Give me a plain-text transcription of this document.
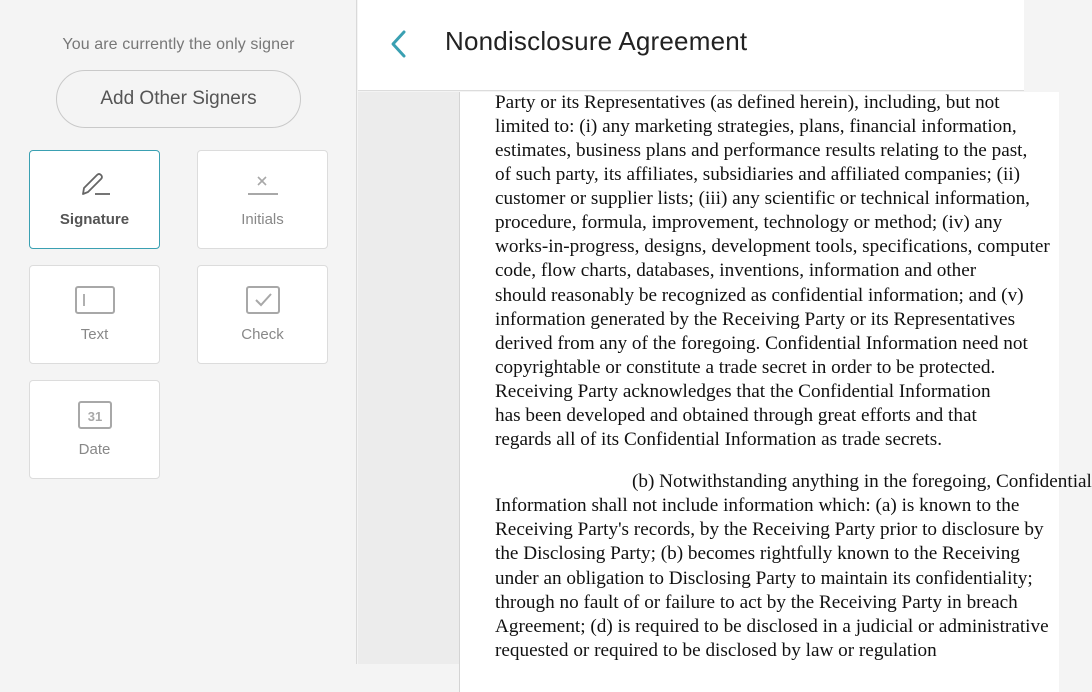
You are currently the only signer
Add Other Signers
Signature	Initials
Text	Check
31
Date
Nondisclosure Agreement
Party or its Representatives (as defined herein), including, but not
limited to: (i) any marketing strategies, plans, financial information,
estimates, business plans and performance results relating to the past,
of such party, its affiliates, subsidiaries and affiliated companies; (ii)
customer or supplier lists; (iii) any scientific or technical information,
procedure, formula, improvement, technology or method; (iv) any
works-in-progress, designs, development tools, specifications, computer
code, flow charts, databases, inventions, information and other
should reasonably be recognized as confidential information; and (v)
information generated by the Receiving Party or its Representatives
derived from any of the foregoing. Confidential Information need not
copyrightable or constitute a trade secret in order to be protected.
Receiving Party acknowledges that the Confidential Information
has been developed and obtained through great efforts and that
regards all of its Confidential Information as trade secrets.
(b) Notwithstanding anything in the foregoing, Confidential
Information shall not include information which: (a) is known to the
Receiving Party's records, by the Receiving Party prior to disclosure by
the Disclosing Party; (b) becomes rightfully known to the Receiving
under an obligation to Disclosing Party to maintain its confidentiality;
through no fault of or failure to act by the Receiving Party in breach
Agreement; (d) is required to be disclosed in a judicial or administrative
requested or required to be disclosed by law or regulation
